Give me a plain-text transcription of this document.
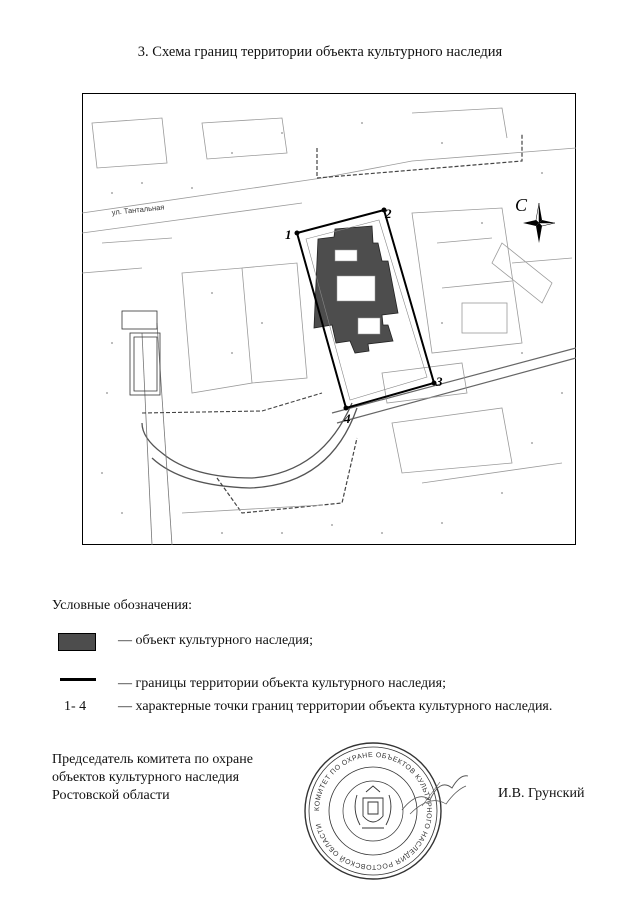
3. Схема границ территории объекта культурного наследия
ул. Тантальная
1
2
3
4
С
Условные обозначения:
— объект культурного наследия;
— границы территории объекта культурного наследия;
1- 4 — характерные точки границ территории объекта культурного наследия.
Председатель комитета по охране
объектов культурного наследия
Ростовской области	И.В. Грунский
КОМИТЕТ ПО ОХРАНЕ ОБЪЕКТОВ КУЛЬТУРНОГО НАСЛЕДИЯ РОСТОВСКОЙ ОБЛАСТИ
